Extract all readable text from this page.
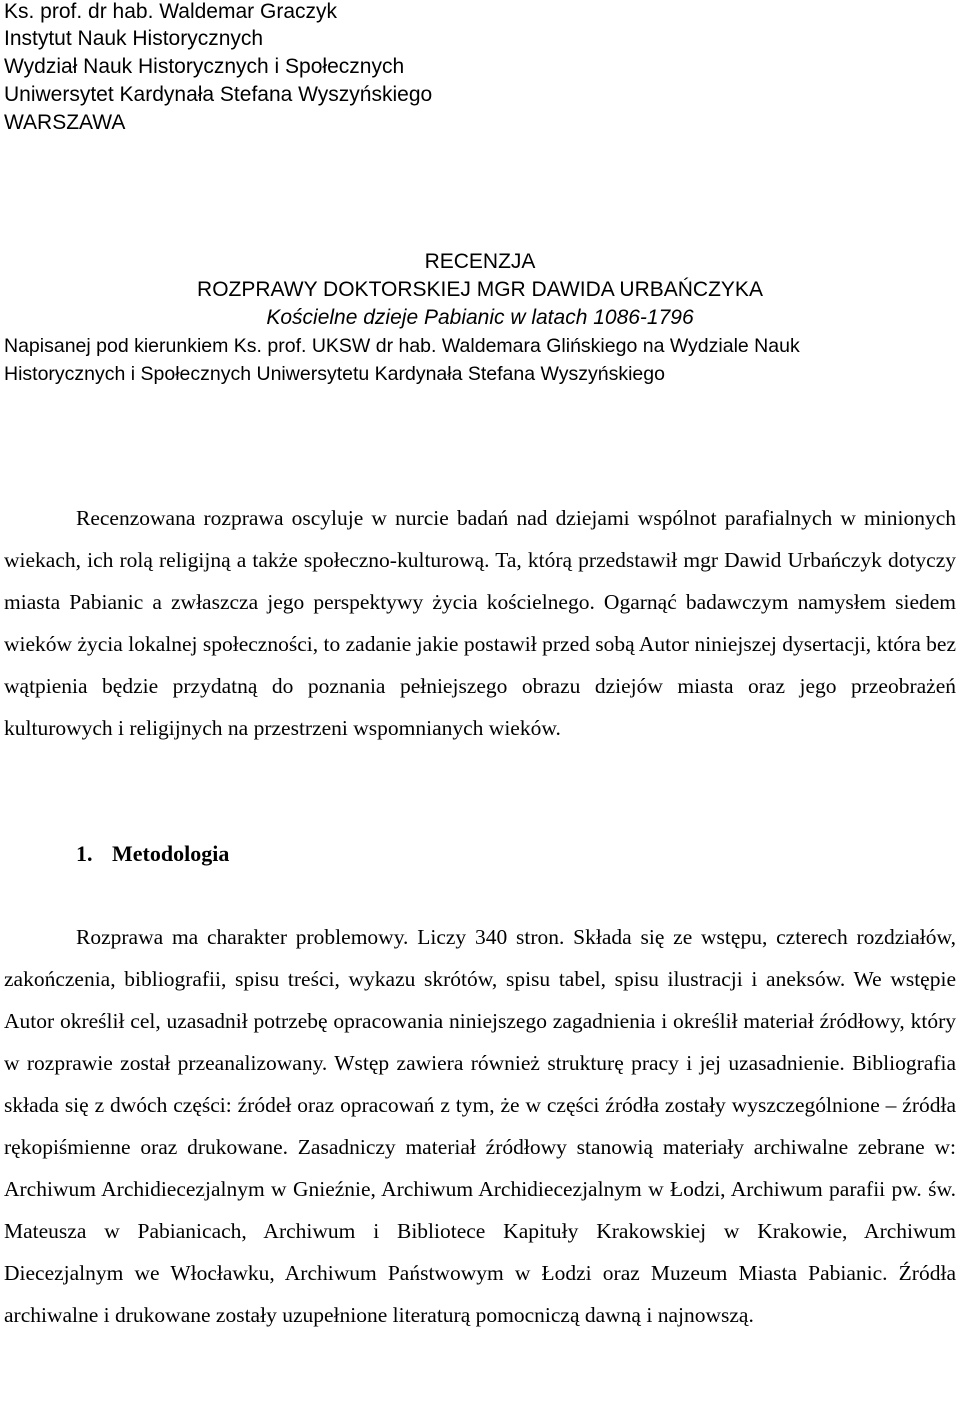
Ks. prof. dr hab. Waldemar Graczyk
Instytut Nauk Historycznych
Wydział Nauk Historycznych i Społecznych
Uniwersytet Kardynała Stefana Wyszyńskiego
WARSZAWA
RECENZJA
ROZPRAWY DOKTORSKIEJ MGR DAWIDA URBAŃCZYKA
Kościelne dzieje Pabianic w latach 1086-1796
Napisanej pod kierunkiem Ks. prof. UKSW dr hab. Waldemara Glińskiego na Wydziale Nauk
Historycznych i Społecznych Uniwersytetu Kardynała Stefana Wyszyńskiego

Recenzowana rozprawa oscyluje w nurcie badań nad dziejami wspólnot parafialnych w minionych wiekach, ich rolą religijną a także społeczno-kulturową. Ta, którą przedstawił mgr Dawid Urbańczyk dotyczy miasta Pabianic a zwłaszcza jego perspektywy życia kościelnego. Ogarnąć badawczym namysłem siedem wieków życia lokalnej społeczności, to zadanie jakie postawił przed sobą Autor niniejszej dysertacji, która bez wątpienia będzie przydatną do poznania pełniejszego obrazu dziejów miasta oraz jego przeobrażeń kulturowych i religijnych na przestrzeni wspomnianych wieków.

1. Metodologia

Rozprawa ma charakter problemowy. Liczy 340 stron. Składa się ze wstępu, czterech rozdziałów, zakończenia, bibliografii, spisu treści, wykazu skrótów, spisu tabel, spisu ilustracji i aneksów. We wstępie Autor określił cel, uzasadnił potrzebę opracowania niniejszego zagadnienia i określił materiał źródłowy, który w rozprawie został przeanalizowany. Wstęp zawiera również strukturę pracy i jej uzasadnienie. Bibliografia składa się z dwóch części: źródeł oraz opracowań z tym, że w części źródła zostały wyszczególnione – źródła rękopiśmienne oraz drukowane. Zasadniczy materiał źródłowy stanowią materiały archiwalne zebrane w: Archiwum Archidiecezjalnym w Gnieźnie, Archiwum Archidiecezjalnym w Łodzi, Archiwum parafii pw. św. Mateusza w Pabianicach, Archiwum i Bibliotece Kapituły Krakowskiej w Krakowie, Archiwum Diecezjalnym we Włocławku, Archiwum Państwowym w Łodzi oraz Muzeum Miasta Pabianic. Źródła archiwalne i drukowane zostały uzupełnione literaturą pomocniczą dawną i najnowszą.
